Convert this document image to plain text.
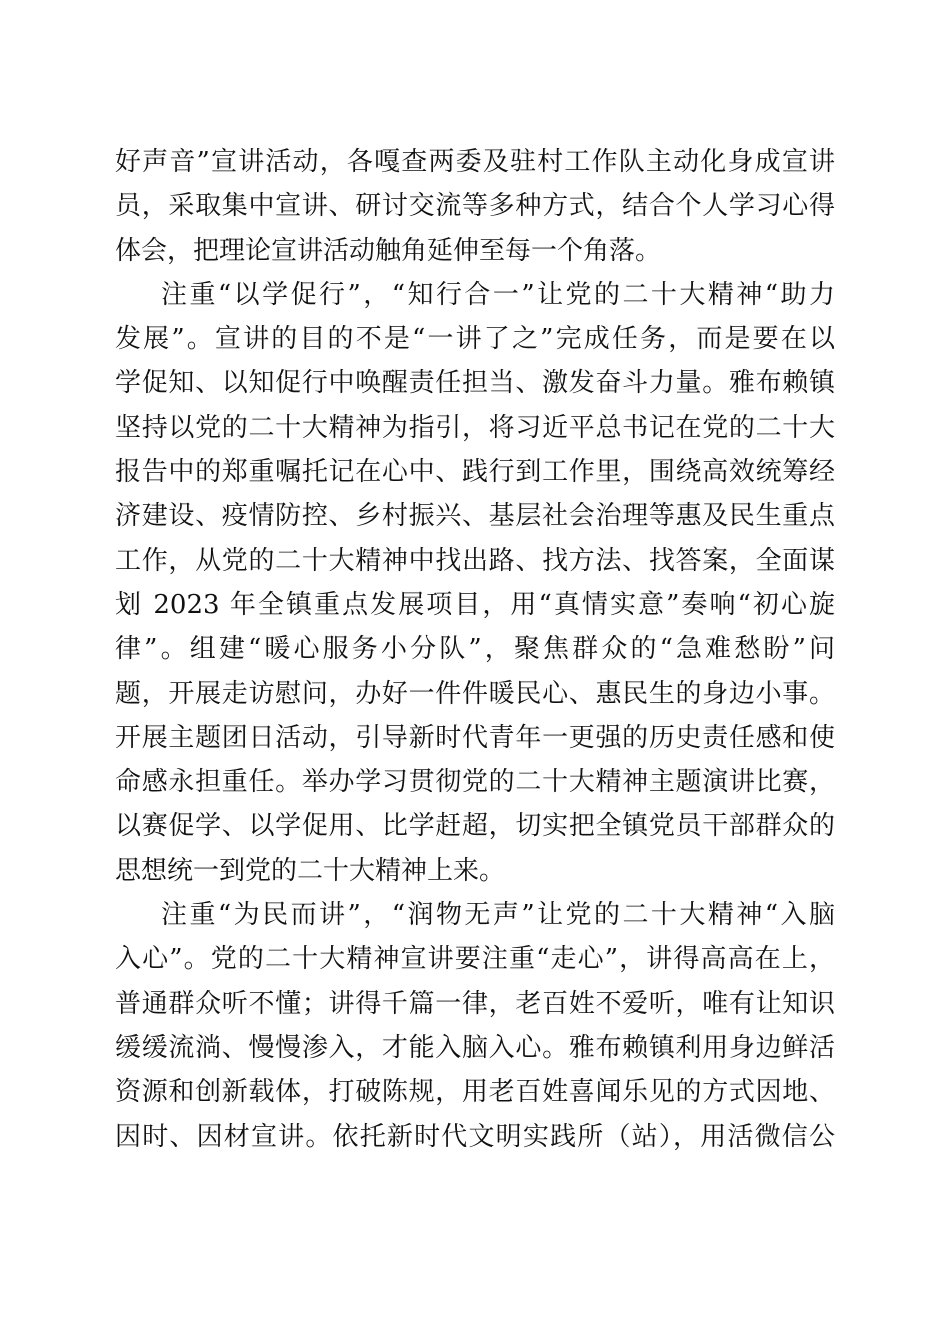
好声音”宣讲活动，各嘎查两委及驻村工作队主动化身成宣讲
员，采取集中宣讲、研讨交流等多种方式，结合个人学习心得
体会，把理论宣讲活动触角延伸至每一个角落。
注重“以学促行”，“知行合一”让党的二十大精神“助力
发展”。宣讲的目的不是“一讲了之”完成任务，而是要在以
学促知、以知促行中唤醒责任担当、激发奋斗力量。雅布赖镇
坚持以党的二十大精神为指引，将习近平总书记在党的二十大
报告中的郑重嘱托记在心中、践行到工作里，围绕高效统筹经
济建设、疫情防控、乡村振兴、基层社会治理等惠及民生重点
工作，从党的二十大精神中找出路、找方法、找答案，全面谋
划 2023 年全镇重点发展项目，用“真情实意”奏响“初心旋
律”。组建“暖心服务小分队”，聚焦群众的“急难愁盼”问
题，开展走访慰问，办好一件件暖民心、惠民生的身边小事。
开展主题团日活动，引导新时代青年一更强的历史责任感和使
命感永担重任。举办学习贯彻党的二十大精神主题演讲比赛，
以赛促学、以学促用、比学赶超，切实把全镇党员干部群众的
思想统一到党的二十大精神上来。
注重“为民而讲”，“润物无声”让党的二十大精神“入脑
入心”。党的二十大精神宣讲要注重“走心”，讲得高高在上，
普通群众听不懂；讲得千篇一律，老百姓不爱听，唯有让知识
缓缓流淌、慢慢渗入，才能入脑入心。雅布赖镇利用身边鲜活
资源和创新载体，打破陈规，用老百姓喜闻乐见的方式因地、
因时、因材宣讲。依托新时代文明实践所（站），用活微信公
